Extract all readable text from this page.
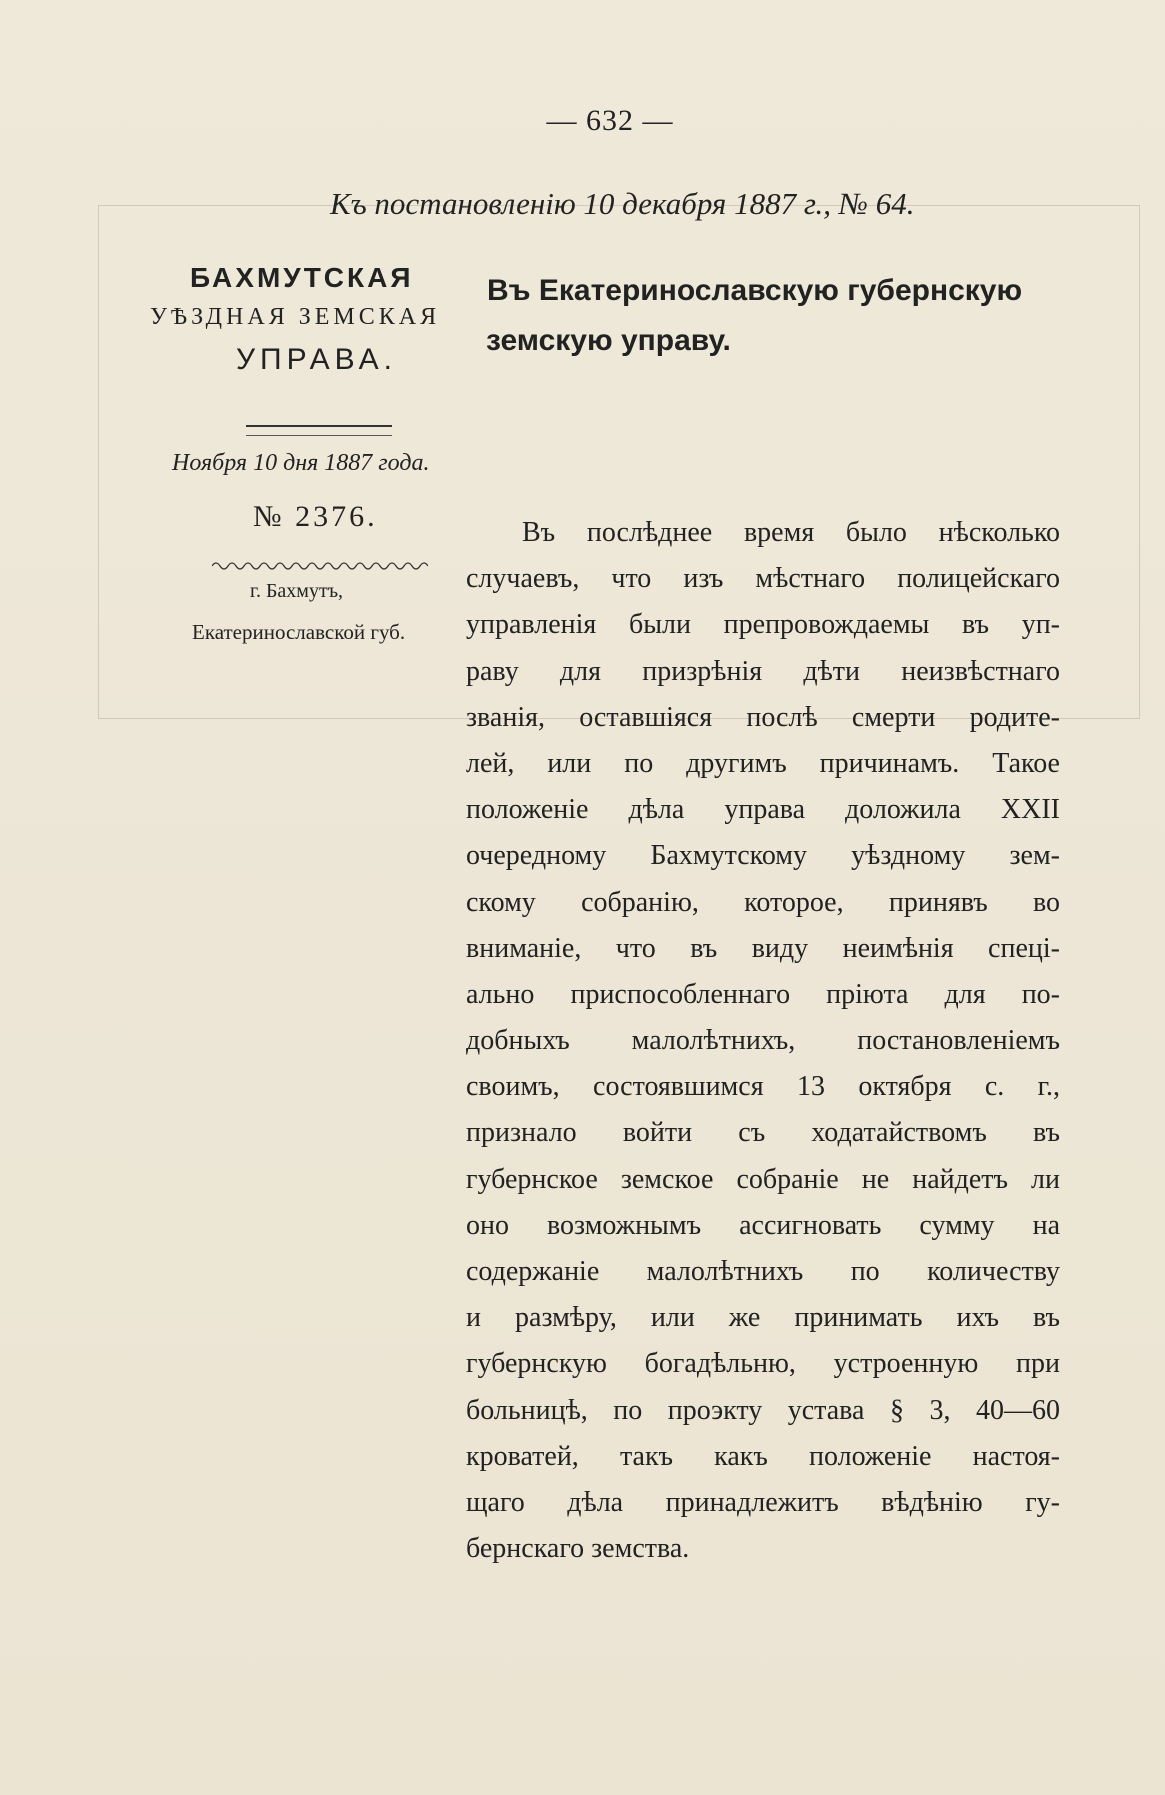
— 632 —
Къ постановленію 10 декабря 1887 г., № 64.
БАХМУТСКАЯ
УѢЗДНАЯ ЗЕМСКАЯ
УПРАВА.
Ноября 10 дня 1887 года.
№ 2376.
г. Бахмутъ,
Екатеринославской губ.
Въ Екатеринославскую губернскую
земскую управу.
Въ послѣднее время было нѣсколько
случаевъ, что изъ мѣстнаго полицейскаго
управленія были препровождаемы въ уп-
раву для призрѣнія дѣти неизвѣстнаго
званія, оставшіяся послѣ смерти родите-
лей, или по другимъ причинамъ. Такое
положеніе дѣла управа доложила XXII
очередному Бахмутскому уѣздному зем-
скому собранію, которое, принявъ во
вниманіе, что въ виду неимѣнія спеці-
ально приспособленнаго пріюта для по-
добныхъ малолѣтнихъ, постановленіемъ
своимъ, состоявшимся 13 октября с. г.,
признало войти съ ходатайствомъ въ
губернское земское собраніе не найдетъ ли
оно возможнымъ ассигновать сумму на
содержаніе малолѣтнихъ по количеству
и размѣру, или же принимать ихъ въ
губернскую богадѣльню, устроенную при
больницѣ, по проэкту устава § 3, 40—60
кроватей, такъ какъ положеніе настоя-
щаго дѣла принадлежитъ вѣдѣнію гу-
бернскаго земства.
